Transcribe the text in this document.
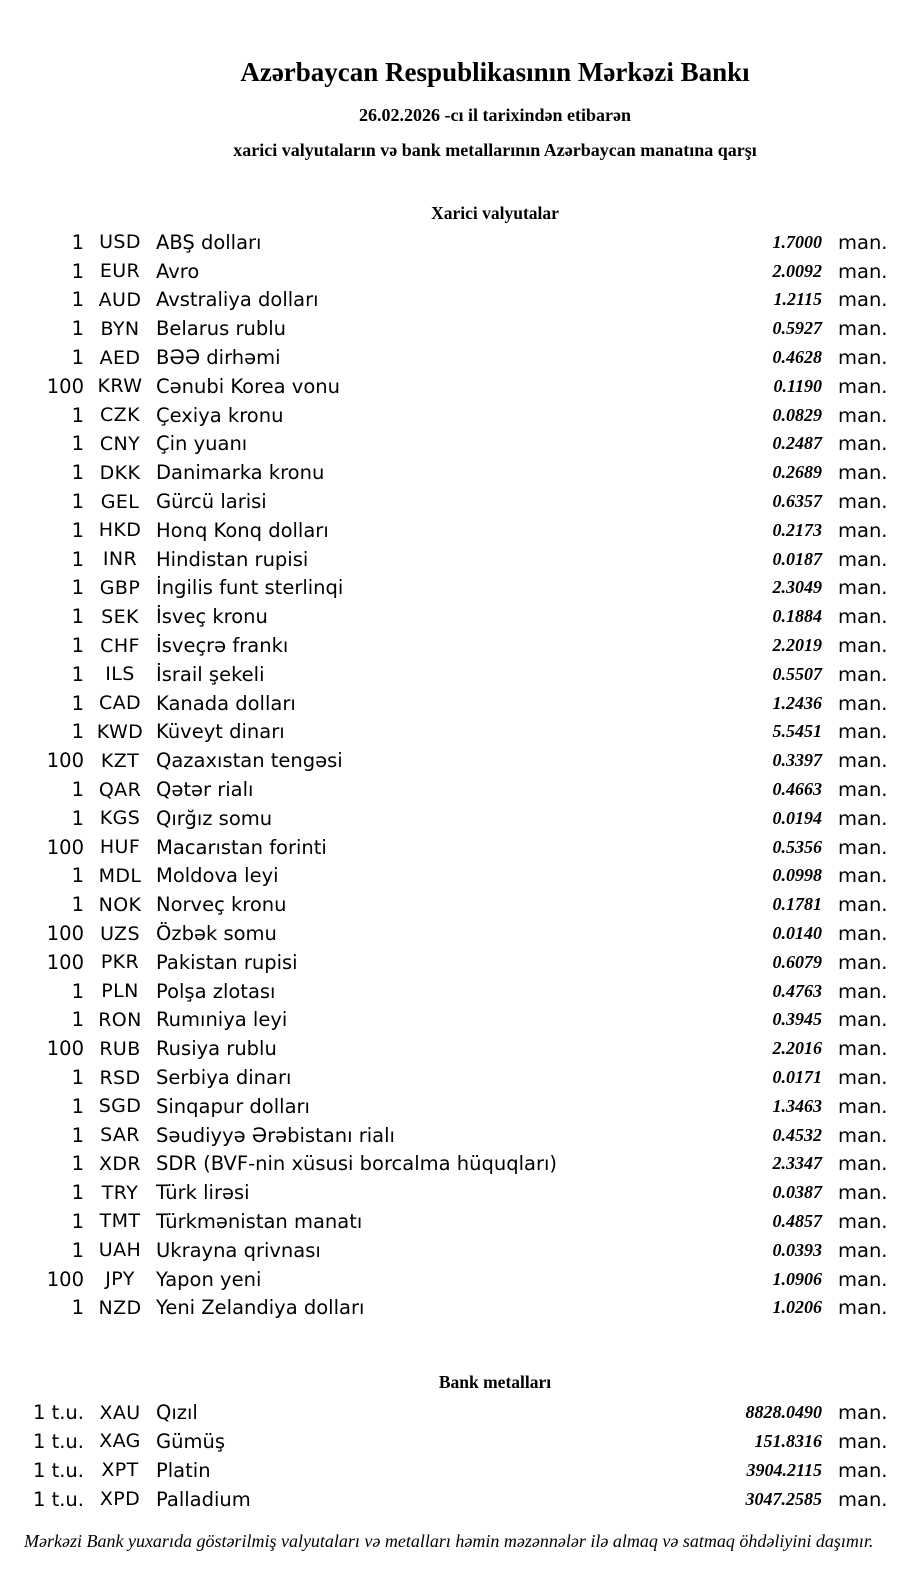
Azərbaycan Respublikasının Mərkəzi Bankı
26.02.2026 -cı il tarixindən etibarən
xarici valyutaların və bank metallarının Azərbaycan manatına qarşı
Xarici valyutalar
1 USD ABŞ dolları	1.7000 man.
1 EUR Avro	2.0092 man.
1 AUD Avstraliya dolları	1.2115 man.
1 BYN Belarus rublu	0.5927 man.
1 AED BƏƏ dirhəmi	0.4628 man.
100 KRW Cənubi Korea vonu	0.1190 man.
1 CZK Çexiya kronu	0.0829 man.
1 CNY Çin yuanı	0.2487 man.
1 DKK Danimarka kronu	0.2689 man.
1 GEL Gürcü larisi	0.6357 man.
1 HKD Honq Konq dolları	0.2173 man.
1 INR Hindistan rupisi	0.0187 man.
1 GBP İngilis funt sterlinqi	2.3049 man.
1 SEK İsveç kronu	0.1884 man.
1 CHF İsveçrə frankı	2.2019 man.
1	ILS	İsrail şekeli	0.5507 man.
1 CAD Kanada dolları	1.2436 man.
1 KWD Küveyt dinarı	5.5451 man.
100 KZT Qazaxıstan tengəsi	0.3397 man.
1 QAR Qətər rialı	0.4663 man.
1 KGS Qırğız somu	0.0194 man.
100 HUF Macarıstan forinti	0.5356 man.
1 MDL Moldova leyi	0.0998 man.
1 NOK Norveç kronu	0.1781 man.
100 UZS Özbək somu	0.0140 man.
100 PKR Pakistan rupisi	0.6079 man.
1 PLN Polşa zlotası	0.4763 man.
1 RON Rumıniya leyi	0.3945 man.
100 RUB Rusiya rublu	2.2016 man.
1 RSD Serbiya dinarı	0.0171 man.
1 SGD Sinqapur dolları	1.3463 man.
1 SAR Səudiyyə Ərəbistanı rialı	0.4532 man.
1 XDR SDR (BVF-nin xüsusi borcalma hüquqları)	2.3347 man.
1 TRY Türk lirəsi	0.0387 man.
1 TMT Türkmənistan manatı	0.4857 man.
1 UAH Ukrayna qrivnası	0.0393 man.
100	JPY	Yapon yeni	1.0906 man.
1 NZD Yeni Zelandiya dolları	1.0206 man.
Bank metalları
1 t.u. XAU Qızıl	8828.0490 man.
1 t.u. XAG Gümüş	151.8316 man.
1 t.u. XPT Platin	3904.2115 man.
1 t.u. XPD Palladium	3047.2585 man.
Mərkəzi Bank yuxarıda göstərilmiş valyutaları və metalları həmin məzənnələr ilə almaq və satmaq öhdəliyini daşımır.
